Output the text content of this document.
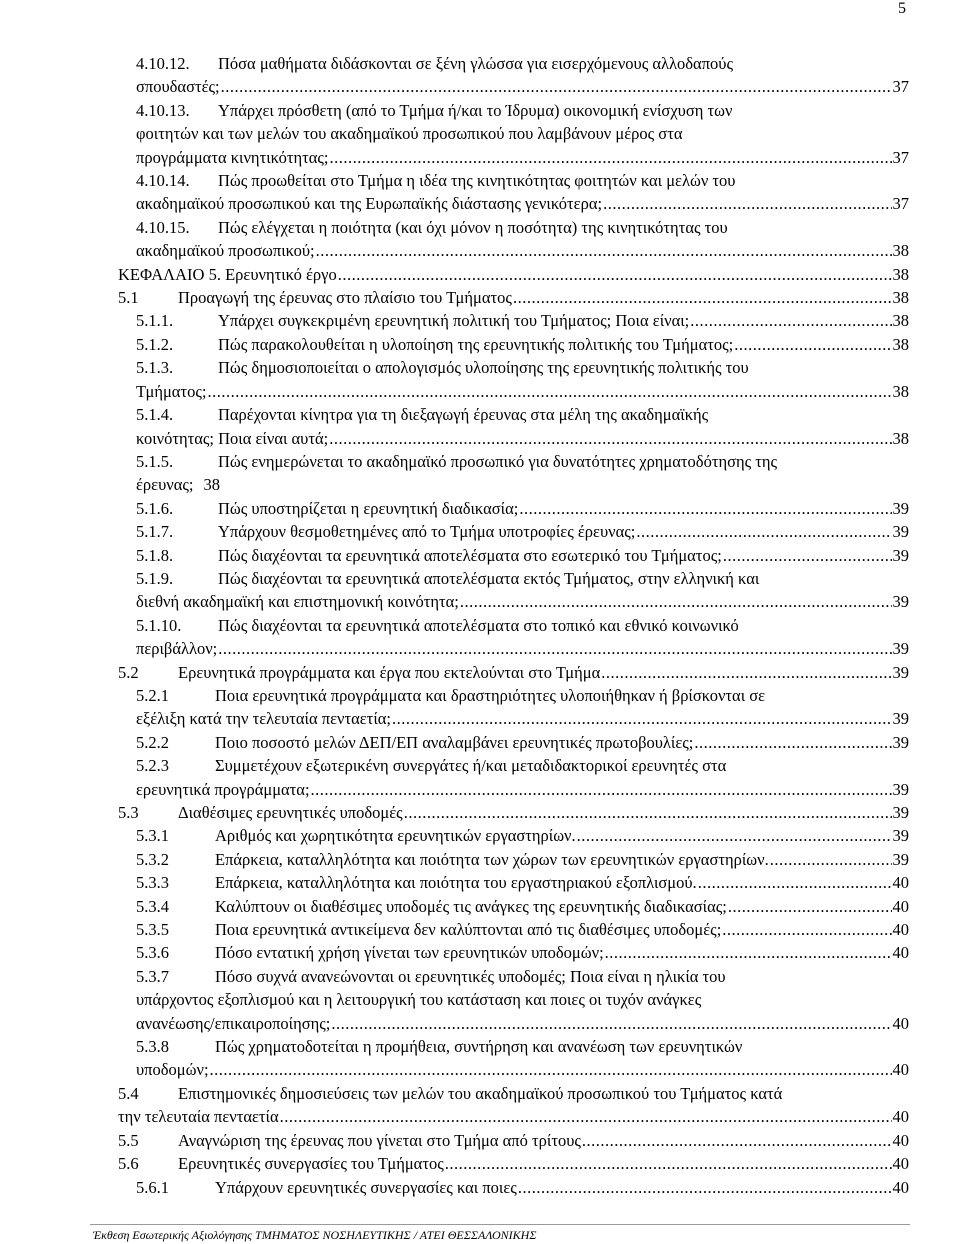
5
4.10.12. Πόσα μαθήματα διδάσκονται σε ξένη γλώσσα για εισερχόμενους αλλοδαπούς
σπουδαστές; .....	37
4.10.13. Υπάρχει πρόσθετη (από το Τμήμα ή/και το Ίδρυμα) οικονομική ενίσχυση των
φοιτητών και των μελών του ακαδημαϊκού προσωπικού που λαμβάνουν μέρος στα
προγράμματα κινητικότητας; .....	37
4.10.14. Πώς προωθείται στο Τμήμα η ιδέα της κινητικότητας φοιτητών και μελών του
ακαδημαϊκού προσωπικού και της Ευρωπαϊκής διάστασης γενικότερα; .....	37
4.10.15. Πώς ελέγχεται η ποιότητα (και όχι μόνον η ποσότητα) της κινητικότητας του
ακαδημαϊκού προσωπικού; .....	38
ΚΕΦΑΛΑΙΟ 5. Ερευνητικό έργο .....	38
5.1	Προαγωγή της έρευνας στο πλαίσιο του Τμήματος .....	38
5.1.1.	Υπάρχει συγκεκριμένη ερευνητική πολιτική του Τμήματος; Ποια είναι; .....	38
5.1.2.	Πώς παρακολουθείται η υλοποίηση της ερευνητικής πολιτικής του Τμήματος; .....	38
5.1.3.	Πώς δημοσιοποιείται ο απολογισμός υλοποίησης της ερευνητικής πολιτικής του
Τμήματος; .....	38
5.1.4.	Παρέχονται κίνητρα για τη διεξαγωγή έρευνας στα μέλη της ακαδημαϊκής
κοινότητας; Ποια είναι αυτά; .....	38
5.1.5.	Πώς ενημερώνεται το ακαδημαϊκό προσωπικό για δυνατότητες χρηματοδότησης της
έρευνας; 38
5.1.6.	Πώς υποστηρίζεται η ερευνητική διαδικασία; .....	39
5.1.7.	Υπάρχουν θεσμοθετημένες από το Τμήμα υποτροφίες έρευνας; .....	39
5.1.8.	Πώς διαχέονται τα ερευνητικά αποτελέσματα στο εσωτερικό του Τμήματος; .....	39
5.1.9.	Πώς διαχέονται τα ερευνητικά αποτελέσματα εκτός Τμήματος, στην ελληνική και
διεθνή ακαδημαϊκή και επιστημονική κοινότητα; .....	39
5.1.10. Πώς διαχέονται τα ερευνητικά αποτελέσματα στο τοπικό και εθνικό κοινωνικό
περιβάλλον; .....	39
5.2	Ερευνητικά προγράμματα και έργα που εκτελούνται στο Τμήμα .....	39
5.2.1	Ποια ερευνητικά προγράμματα και δραστηριότητες υλοποιήθηκαν ή βρίσκονται σε
εξέλιξη κατά την τελευταία πενταετία; .....	39
5.2.2	Ποιο ποσοστό μελών ΔΕΠ/ΕΠ αναλαμβάνει ερευνητικές πρωτοβουλίες; .....	39
5.2.3	Συμμετέχουν εξωτερικένη συνεργάτες ή/και μεταδιδακτορικοί ερευνητές στα
ερευνητικά προγράμματα; .....	39
5.3	Διαθέσιμες ερευνητικές υποδομές .....	39
5.3.1	Αριθμός και χωρητικότητα ερευνητικών εργαστηρίων. .....	39
5.3.2	Επάρκεια, καταλληλότητα και ποιότητα των χώρων των ερευνητικών εργαστηρίων. .....	39
5.3.3	Επάρκεια, καταλληλότητα και ποιότητα του εργαστηριακού εξοπλισμού. .....	40
5.3.4	Καλύπτουν οι διαθέσιμες υποδομές τις ανάγκες της ερευνητικής διαδικασίας; .....	40
5.3.5	Ποια ερευνητικά αντικείμενα δεν καλύπτονται από τις διαθέσιμες υποδομές; .....	40
5.3.6	Πόσο εντατική χρήση γίνεται των ερευνητικών υποδομών; .....	40
5.3.7	Πόσο συχνά ανανεώνονται οι ερευνητικές υποδομές; Ποια είναι η ηλικία του
υπάρχοντος εξοπλισμού και η λειτουργική του κατάσταση και ποιες οι τυχόν ανάγκες
ανανέωσης/επικαιροποίησης; .....	40
5.3.8	Πώς χρηματοδοτείται η προμήθεια, συντήρηση και ανανέωση των ερευνητικών
υποδομών; .....	40
5.4 Επιστημονικές δημοσιεύσεις των μελών του ακαδημαϊκού προσωπικού του Τμήματος κατά
την τελευταία πενταετία .....	40
5.5	Αναγνώριση της έρευνας που γίνεται στο Τμήμα από τρίτους .....	40
5.6	Ερευνητικές συνεργασίες του Τμήματος .....	40
5.6.1	Υπάρχουν ερευνητικές συνεργασίες και ποιες .....	40
Έκθεση Εσωτερικής Αξιολόγησης ΤΜΗΜΑΤΟΣ ΝΟΣΗΛΕΥΤΙΚΗΣ / ΑΤΕΙ ΘΕΣΣΑΛΟΝΙΚΗΣ
